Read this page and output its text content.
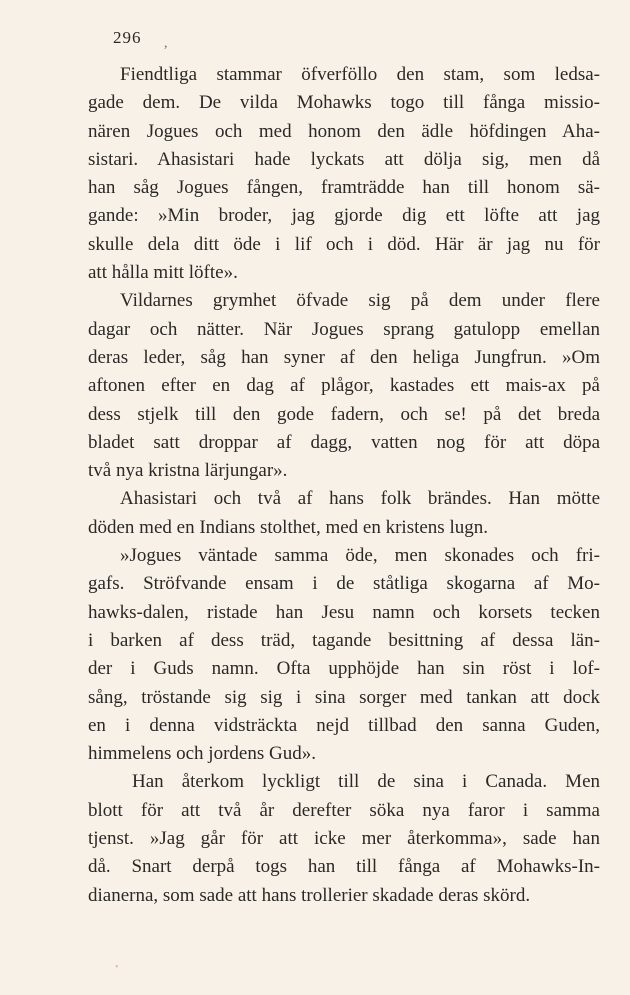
296 ,
Fiendtliga stammar öfverföllo den stam, som ledsa-
gade dem. De vilda Mohawks togo till fånga missio-
nären Jogues och med honom den ädle höfdingen Aha-
sistari. Ahasistari hade lyckats att dölja sig, men då
han såg Jogues fången, framträdde han till honom sä-
gande: »Min broder, jag gjorde dig ett löfte att jag
skulle dela ditt öde i lif och i död. Här är jag nu för
att hålla mitt löfte».
Vildarnes grymhet öfvade sig på dem under flere
dagar och nätter. När Jogues sprang gatulopp emellan
deras leder, såg han syner af den heliga Jungfrun. »Om
aftonen efter en dag af plågor, kastades ett mais-ax på
dess stjelk till den gode fadern, och se! på det breda
bladet satt droppar af dagg, vatten nog för att döpa
två nya kristna lärjungar».
Ahasistari och två af hans folk brändes. Han mötte
döden med en Indians stolthet, med en kristens lugn.
»Jogues väntade samma öde, men skonades och fri-
gafs. Ströfvande ensam i de ståtliga skogarna af Mo-
hawks-dalen, ristade han Jesu namn och korsets tecken
i barken af dess träd, tagande besittning af dessa län-
der i Guds namn. Ofta upphöjde han sin röst i lof-
sång, tröstande sig sig i sina sorger med tankan att dock
en i denna vidsträckta nejd tillbad den sanna Guden,
himmelens och jordens Gud».
Han återkom lyckligt till de sina i Canada. Men
blott för att två år derefter söka nya faror i samma
tjenst. »Jag går för att icke mer återkomma», sade han
då. Snart derpå togs han till fånga af Mohawks-In-
dianerna, som sade att hans trollerier skadade deras skörd.
•
